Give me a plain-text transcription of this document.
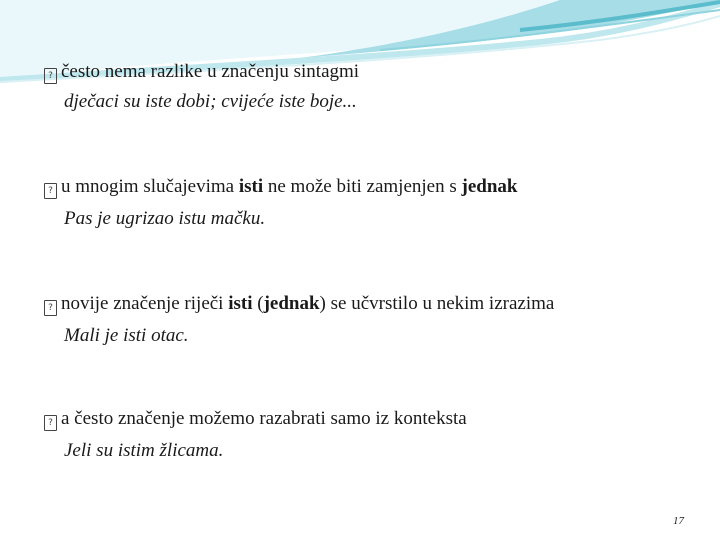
? često nema razlike u značenju sintagmi
dječaci su iste dobi; cvijeće iste boje...
? u mnogim slučajevima isti ne može biti zamjenjen s jednak
Pas je ugrizao istu mačku.
? novije značenje riječi isti (jednak) se učvrstilo u nekim izrazima
Mali je isti otac.
? a često značenje možemo razabrati samo iz konteksta
Jeli su istim žlicama.
17
